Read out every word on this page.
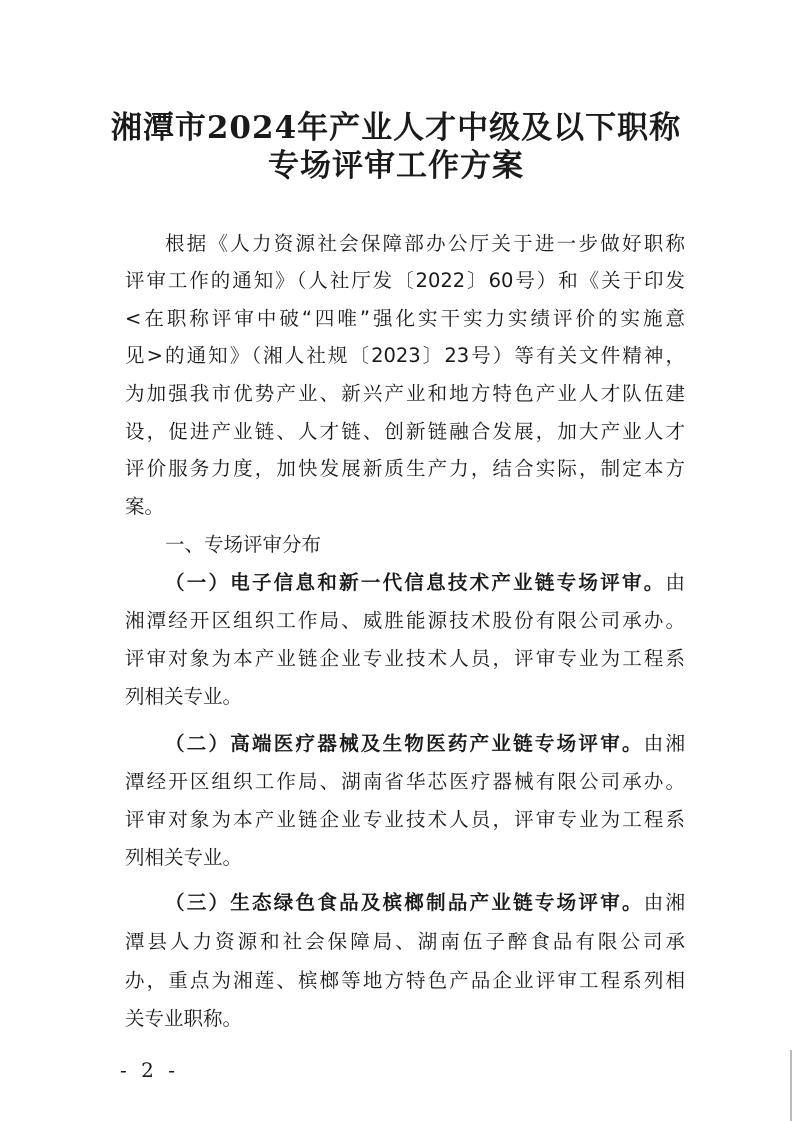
湘潭市2024年产业人才中级及以下职称
专场评审工作方案
根据《人力资源社会保障部办公厅关于进一步做好职称
评审工作的通知》（人社厅发〔2022〕60号）和《关于印发
<在职称评审中破“四唯”强化实干实力实绩评价的实施意
见>的通知》（湘人社规〔2023〕23号）等有关文件精神，
为加强我市优势产业、新兴产业和地方特色产业人才队伍建
设，促进产业链、人才链、创新链融合发展，加大产业人才
评价服务力度，加快发展新质生产力，结合实际，制定本方
案。
一、专场评审分布
（一）电子信息和新一代信息技术产业链专场评审。由
湘潭经开区组织工作局、威胜能源技术股份有限公司承办。
评审对象为本产业链企业专业技术人员，评审专业为工程系
列相关专业。
（二）高端医疗器械及生物医药产业链专场评审。由湘
潭经开区组织工作局、湖南省华芯医疗器械有限公司承办。
评审对象为本产业链企业专业技术人员，评审专业为工程系
列相关专业。
（三）生态绿色食品及槟榔制品产业链专场评审。由湘
潭县人力资源和社会保障局、湖南伍子醉食品有限公司承
办，重点为湘莲、槟榔等地方特色产品企业评审工程系列相
关专业职称。
- 2 -
